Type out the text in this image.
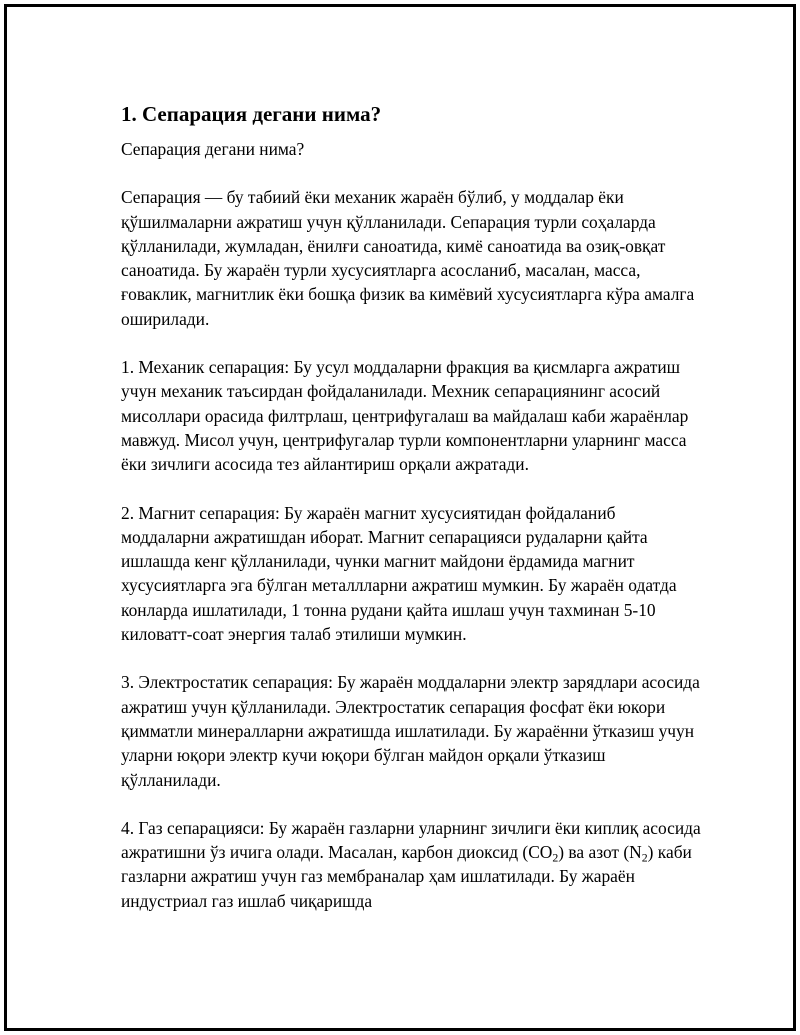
1. Сепарация дегани нима?

Сепарация дегани нима?

Сепарация — бу табиий ёки механик жараён бўлиб, у моддалар ёки қўшилмаларни ажратиш учун қўлланилади. Сепарация турли соҳаларда қўлланилади, жумладан, ёнилғи саноатида, кимё саноатида ва озиқ-овқат саноатида. Бу жараён турли хусусиятларга асосланиб, масалан, масса, ғоваклик, магнитлик ёки бошқа физик ва кимёвий хусусиятларга кўра амалга оширилади.

1. Механик сепарация: Бу усул моддаларни фракция ва қисмларга ажратиш учун механик таъсирдан фойдаланилади. Мехник сепарациянинг асосий мисоллари орасида филтрлаш, центрифугалаш ва майдалаш каби жараёнлар мавжуд. Мисол учун, центрифугалар турли компонентларни уларнинг масса ёки зичлиги асосида тез айлантириш орқали ажратади.

2. Магнит сепарация: Бу жараён магнит хусусиятидан фойдаланиб моддаларни ажратишдан иборат. Магнит сепарацияси рудаларни қайта ишлашда кенг қўлланилади, чунки магнит майдони ёрдамида магнит хусусиятларга эга бўлган металлларни ажратиш мумкин. Бу жараён одатда конларда ишлатилади, 1 тонна рудани қайта ишлаш учун тахминан 5-10 киловатт-соат энергия талаб этилиши мумкин.

3. Электростатик сепарация: Бу жараён моддаларни электр зарядлари асосида ажратиш учун қўлланилади. Электростатик сепарация фосфат ёки юкори қимматли минералларни ажратишда ишлатилади. Бу жараённи ўтказиш учун уларни юқори электр кучи юқори бўлган майдон орқали ўтказиш қўлланилади.

4. Газ сепарацияси: Бу жараён газларни уларнинг зичлиги ёки киплиқ асосида ажратишни ўз ичига олади. Масалан, карбон диоксид $(CO_2)$ ва азот $(N_2)$ каби газларни ажратиш учун газ мембраналар ҳам ишлатилади. Бу жараён индустриал газ ишлаб чиқаришда
